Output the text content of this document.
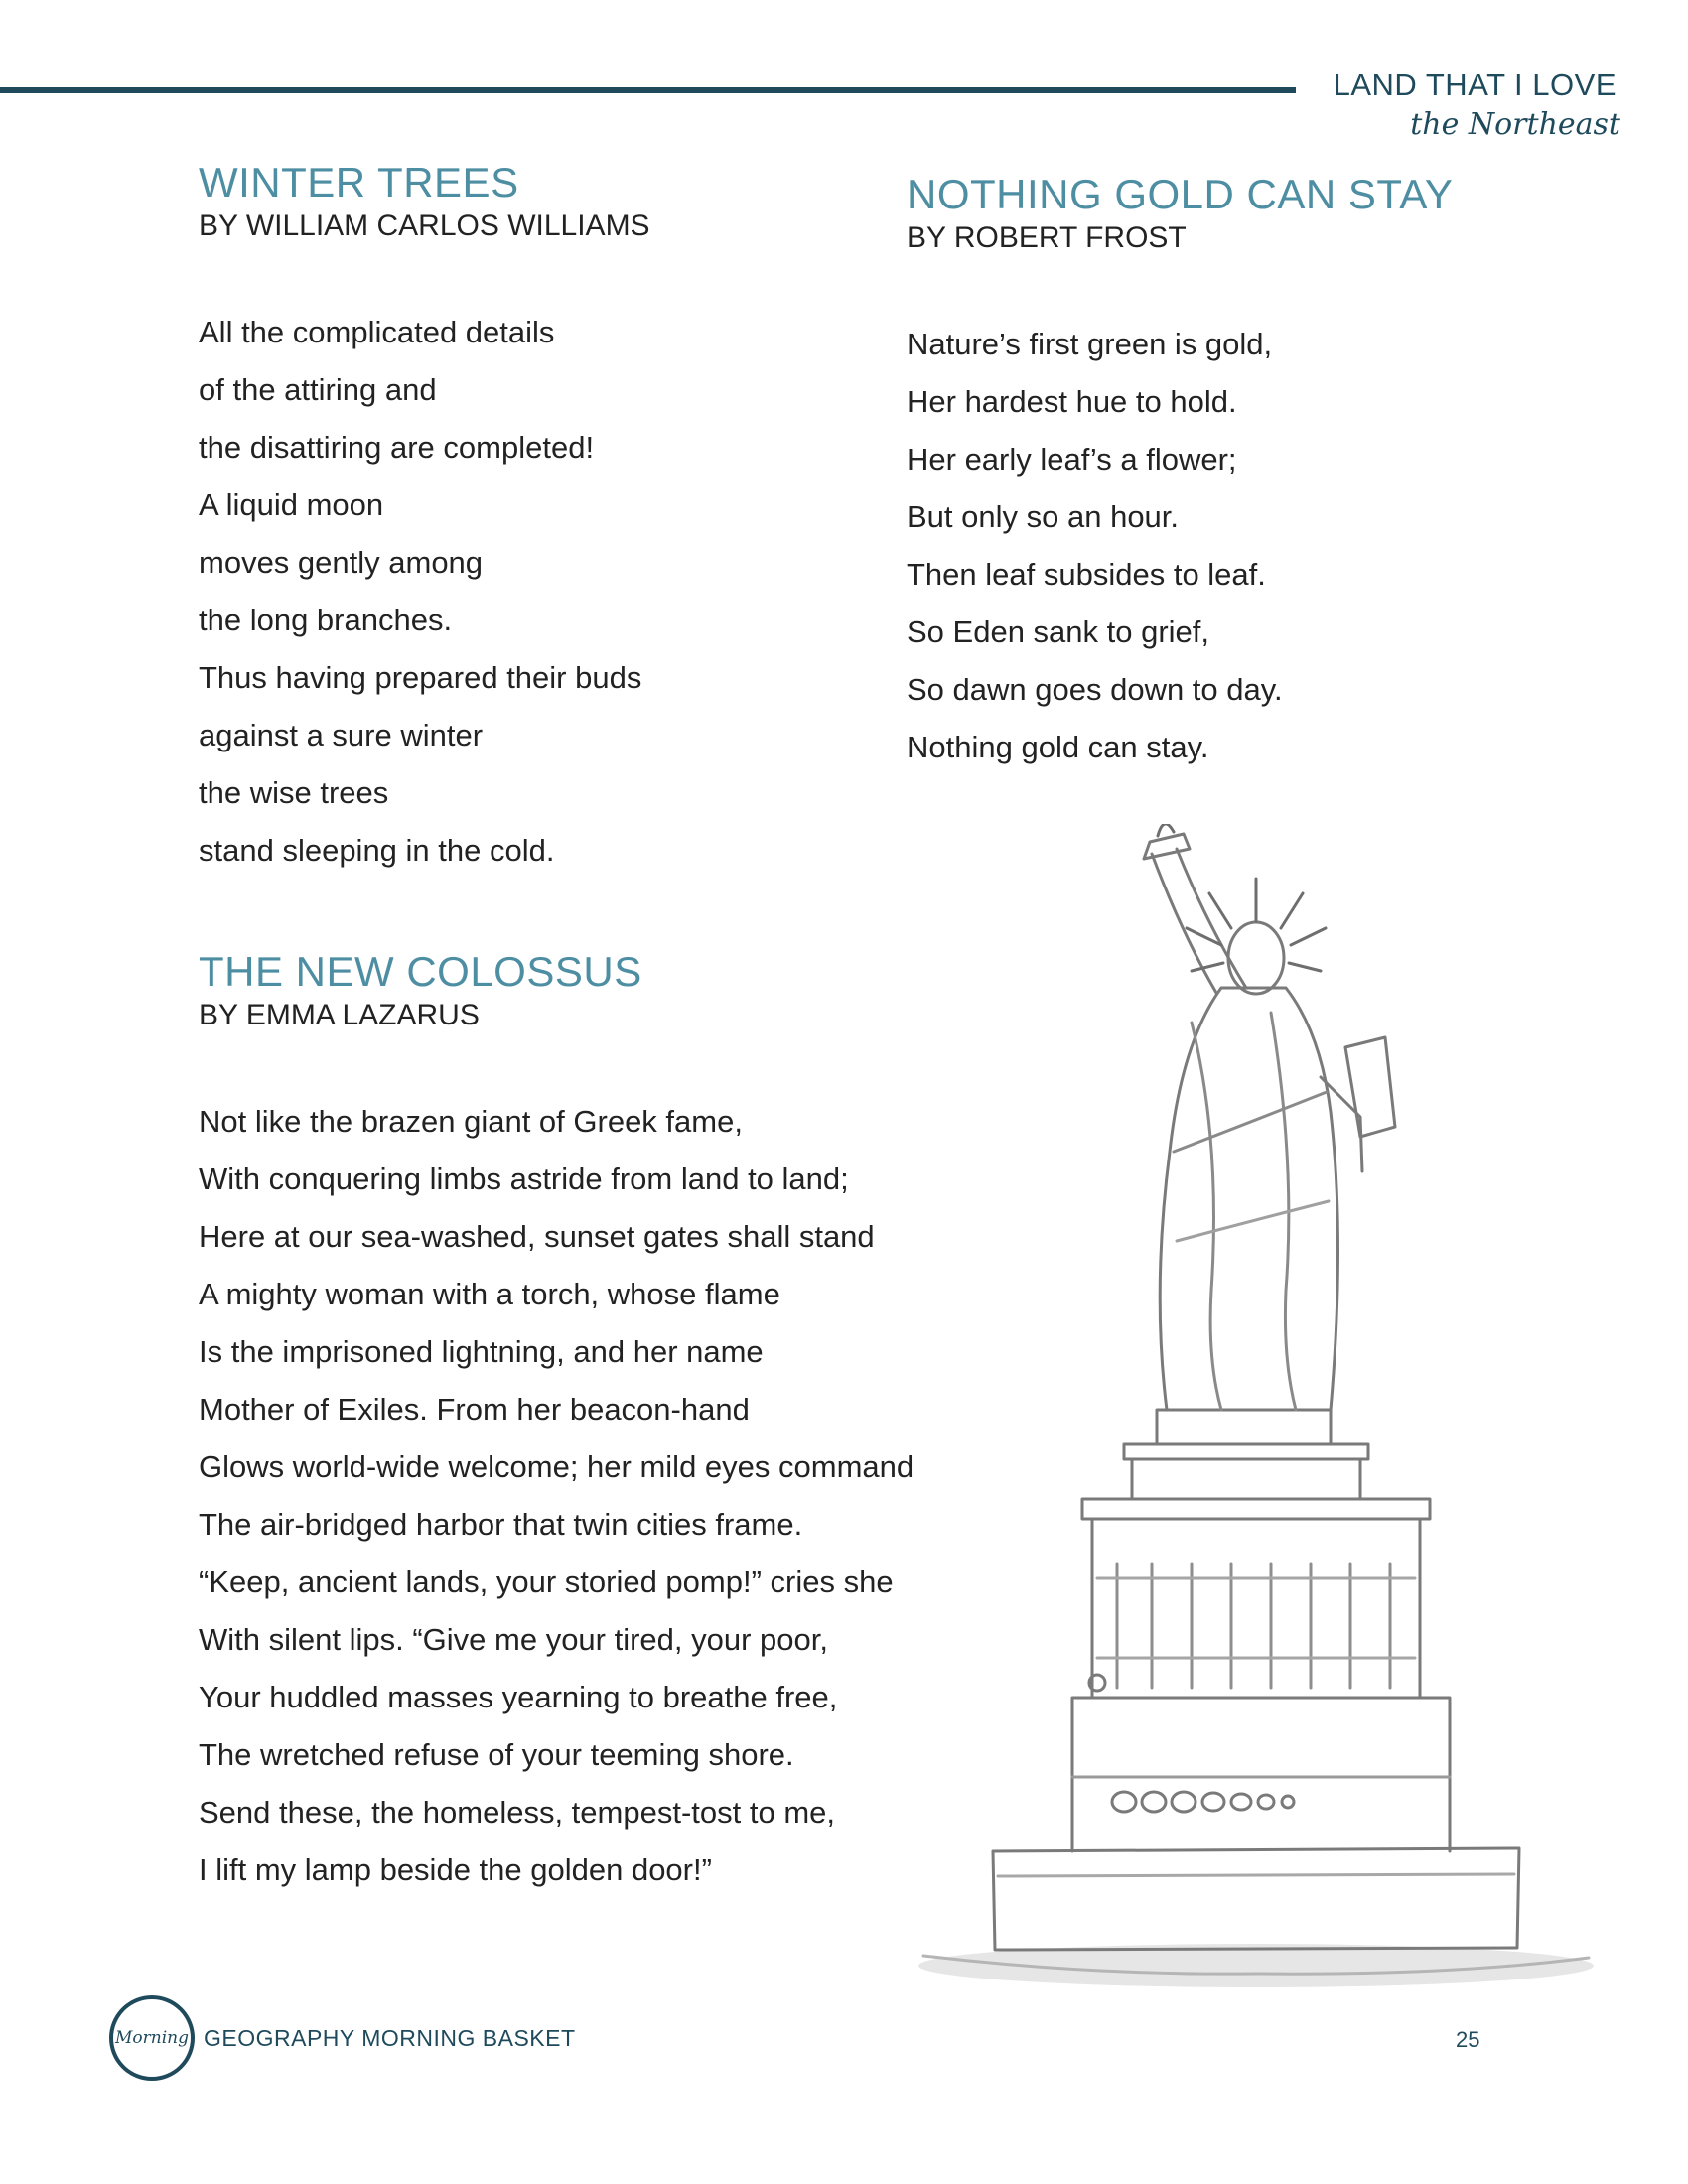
LAND THAT I LOVE
the Northeast
WINTER TREES
BY WILLIAM CARLOS WILLIAMS
All the complicated details
of the attiring and
the disattiring are completed!
A liquid moon
moves gently among
the long branches.
Thus having prepared their buds
against a sure winter
the wise trees
stand sleeping in the cold.
NOTHING GOLD CAN STAY
BY ROBERT FROST
Nature’s first green is gold,
Her hardest hue to hold.
Her early leaf’s a flower;
But only so an hour.
Then leaf subsides to leaf.
So Eden sank to grief,
So dawn goes down to day.
Nothing gold can stay.
THE NEW COLOSSUS
BY EMMA LAZARUS
Not like the brazen giant of Greek fame,
With conquering limbs astride from land to land;
Here at our sea-washed, sunset gates shall stand
A mighty woman with a torch, whose flame
Is the imprisoned lightning, and her name
Mother of Exiles. From her beacon-hand
Glows world-wide welcome; her mild eyes command
The air-bridged harbor that twin cities frame.
“Keep, ancient lands, your storied pomp!” cries she
With silent lips. “Give me your tired, your poor,
Your huddled masses yearning to breathe free,
The wretched refuse of your teeming shore.
Send these, the homeless, tempest-tost to me,
I lift my lamp beside the golden door!”
Morning GEOGRAPHY MORNING BASKET	25
